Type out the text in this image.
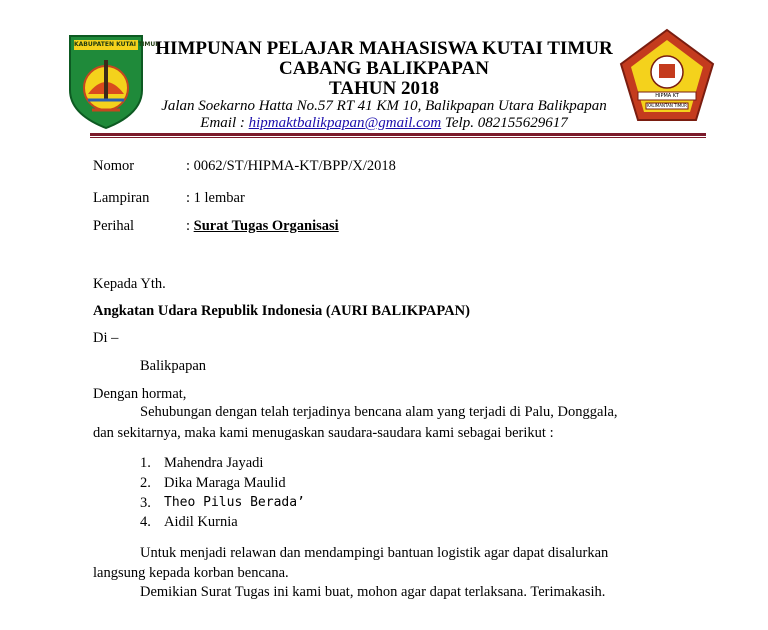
KABUPATEN KUTAI TIMUR
HIPMA KT
KALIMANTAN TIMUR
HIMPUNAN PELAJAR MAHASISWA KUTAI TIMUR
CABANG BALIKPAPAN
TAHUN 2018
Jalan Soekarno Hatta No.57 RT 41 KM 10, Balikpapan Utara Balikpapan
Email : hipmaktbalikpapan@gmail.com Telp. 082155629617
Nomor	: 0062/ST/HIPMA-KT/BPP/X/2018
Lampiran	: 1 lembar
Perihal	: Surat Tugas Organisasi
Kepada Yth.
Angkatan Udara Republik Indonesia (AURI BALIKPAPAN)
Di –
Balikpapan
Dengan hormat,
Sehubungan dengan telah terjadinya bencana alam yang terjadi di Palu, Donggala,
dan sekitarnya, maka kami menugaskan saudara-saudara kami sebagai berikut :
1. Mahendra Jayadi
2. Dika Maraga Maulid
3. Theo Pilus Berada’
4. Aidil Kurnia
Untuk menjadi relawan dan mendampingi bantuan logistik agar dapat disalurkan
langsung kepada korban bencana.
Demikian Surat Tugas ini kami buat, mohon agar dapat terlaksana. Terimakasih.
